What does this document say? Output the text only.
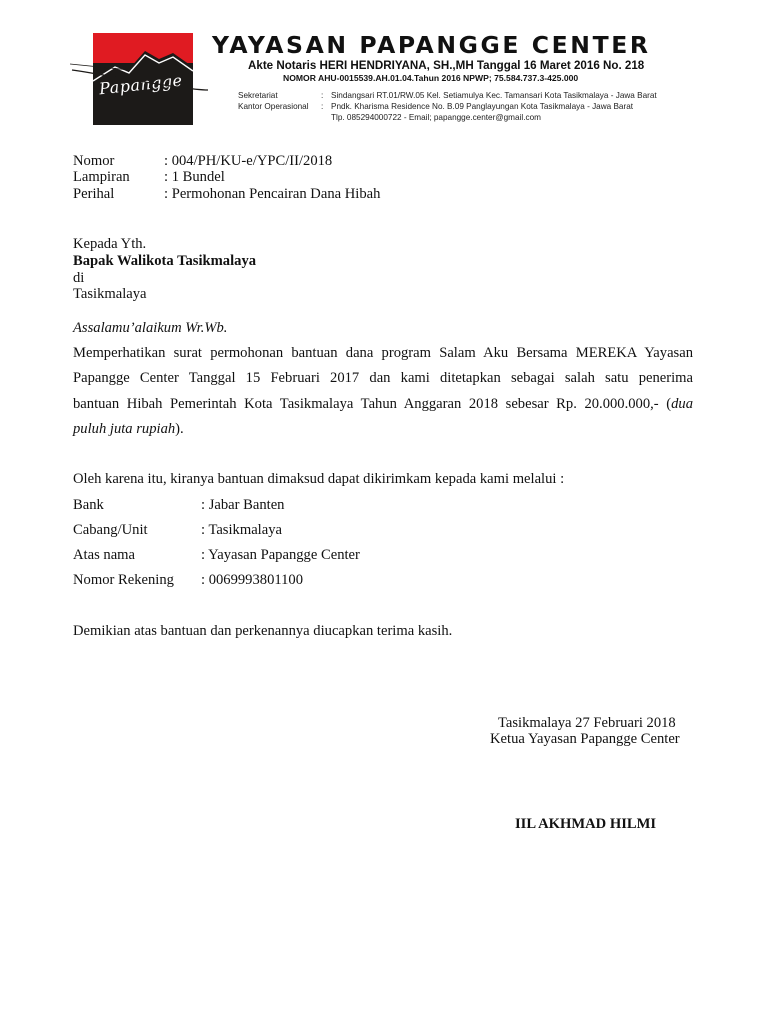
Papangge
YAYASAN PAPANGGE CENTER
Akte Notaris HERI HENDRIYANA, SH.,MH Tanggal 16 Maret 2016 No. 218
NOMOR AHU-0015539.AH.01.04.Tahun 2016 NPWP; 75.584.737.3-425.000
Sekretariat	: Sindangsari RT.01/RW.05 Kel. Setiamulya Kec. Tamansari Kota Tasikmalaya - Jawa Barat
Kantor Operasional : Pndk. Kharisma Residence No. B.09 Panglayungan Kota Tasikmalaya - Jawa Barat
Tlp. 085294000722 - Email; papangge.center@gmail.com
Nomor	: 004/PH/KU-e/YPC/II/2018
Lampiran : 1 Bundel
Perihal	: Permohonan Pencairan Dana Hibah
Kepada Yth.
Bapak Walikota Tasikmalaya
di
Tasikmalaya
Assalamu’alaikum Wr.Wb.
Memperhatikan surat permohonan bantuan dana program Salam Aku Bersama MEREKA Yayasan
Papangge Center Tanggal 15 Februari 2017 dan kami ditetapkan sebagai salah satu penerima
bantuan Hibah Pemerintah Kota Tasikmalaya Tahun Anggaran 2018 sebesar Rp. 20.000.000,- (dua
puluh juta rupiah).
Oleh karena itu, kiranya bantuan dimaksud dapat dikirimkam kepada kami melalui :
Bank	: Jabar Banten
Cabang/Unit	: Tasikmalaya
Atas nama	: Yayasan Papangge Center
Nomor Rekening : 0069993801100
Demikian atas bantuan dan perkenannya diucapkan terima kasih.
Tasikmalaya 27 Februari 2018
Ketua Yayasan Papangge Center
IIL AKHMAD HILMI
